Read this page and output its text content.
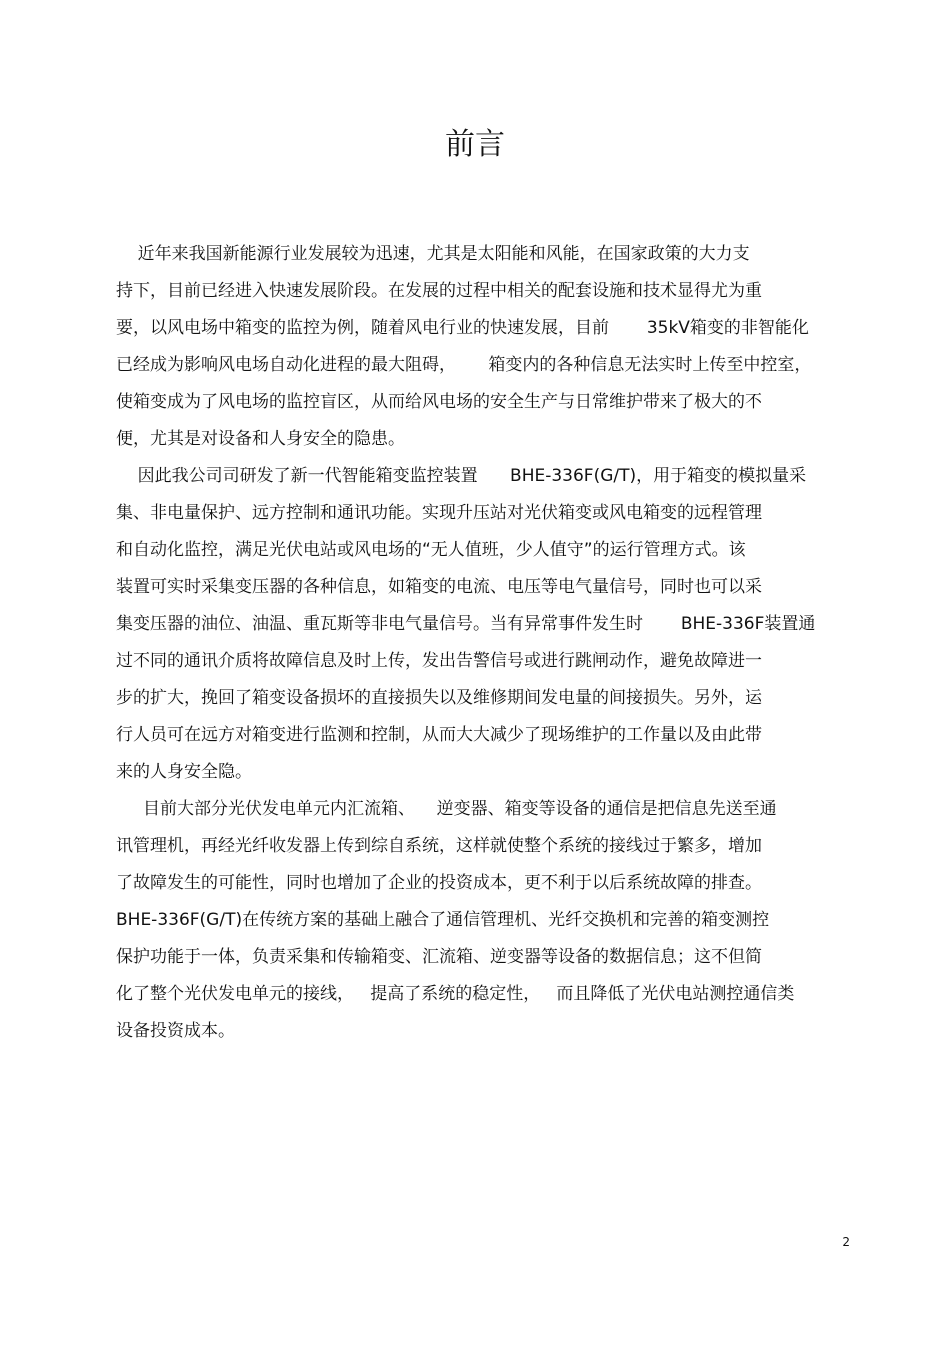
前言
近年来我国新能源行业发展较为迅速，尤其是太阳能和风能，在国家政策的大力支
持下，目前已经进入快速发展阶段。在发展的过程中相关的配套设施和技术显得尤为重
要，以风电场中箱变的监控为例，随着风电行业的快速发展，目前       35kV箱变的非智能化
已经成为影响风电场自动化进程的最大阻碍，      箱变内的各种信息无法实时上传至中控室，
使箱变成为了风电场的监控盲区，从而给风电场的安全生产与日常维护带来了极大的不
便，尤其是对设备和人身安全的隐患。
因此我公司司研发了新一代智能箱变监控装置      BHE-336F(G/T)，用于箱变的模拟量采
集、非电量保护、远方控制和通讯功能。实现升压站对光伏箱变或风电箱变的远程管理
和自动化监控，满足光伏电站或风电场的“无人值班，少人值守”的运行管理方式。该
装置可实时采集变压器的各种信息，如箱变的电流、电压等电气量信号，同时也可以采
集变压器的油位、油温、重瓦斯等非电气量信号。当有异常事件发生时       BHE-336F装置通
过不同的通讯介质将故障信息及时上传，发出告警信号或进行跳闸动作，避免故障进一
步的扩大，挽回了箱变设备损坏的直接损失以及维修期间发电量的间接损失。另外，运
行人员可在远方对箱变进行监测和控制，从而大大减少了现场维护的工作量以及由此带
来的人身安全隐。
目前大部分光伏发电单元内汇流箱、    逆变器、箱变等设备的通信是把信息先送至通
讯管理机，再经光纤收发器上传到综自系统，这样就使整个系统的接线过于繁多，增加
了故障发生的可能性，同时也增加了企业的投资成本，更不利于以后系统故障的排查。
BHE-336F(G/T)在传统方案的基础上融合了通信管理机、光纤交换机和完善的箱变测控
保护功能于一体，负责采集和传输箱变、汇流箱、逆变器等设备的数据信息；这不但简
化了整个光伏发电单元的接线，   提高了系统的稳定性，   而且降低了光伏电站测控通信类
设备投资成本。
2
